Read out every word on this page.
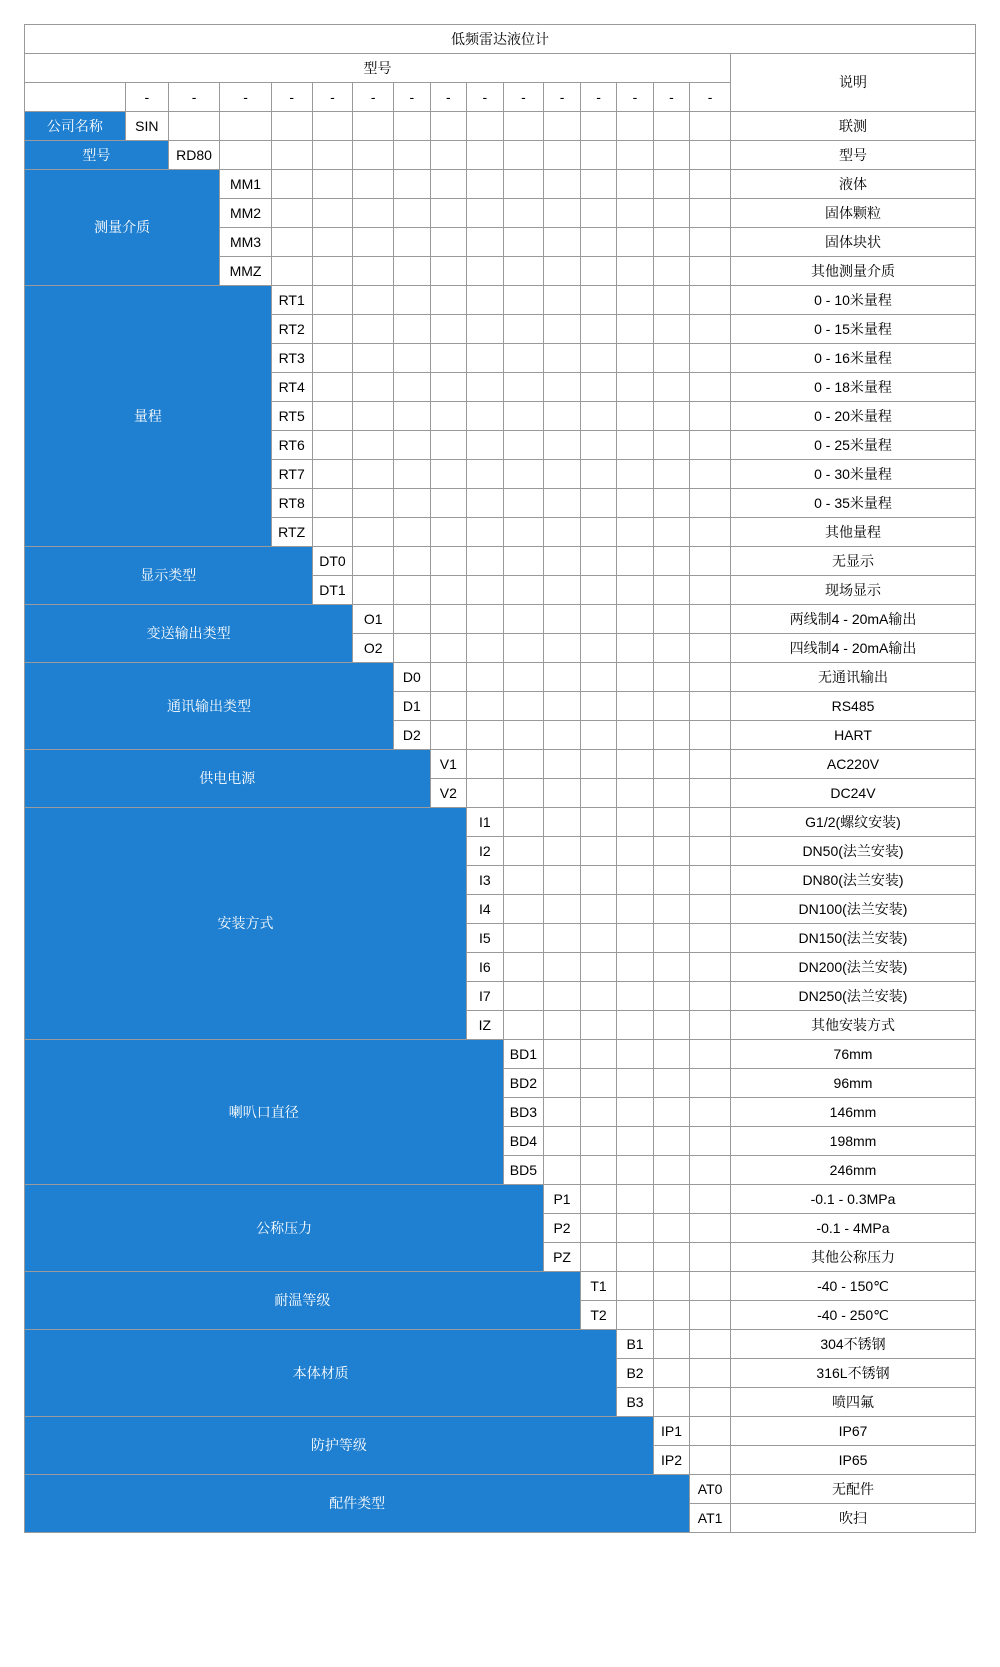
低频雷达液位计																
型号																说明
	-	-	-	-	-	-	-	-	-	-	-	-	-	-	-	
公司名称	SIN															联测
型号		RD80														型号
测量介质			MM1													液体
			MM2													固体颗粒
			MM3													固体块状
			MMZ													其他测量介质
量程				RT1												0 - 10米量程
				RT2												0 - 15米量程
				RT3												0 - 16米量程
				RT4												0 - 18米量程
				RT5												0 - 20米量程
				RT6												0 - 25米量程
				RT7												0 - 30米量程
				RT8												0 - 35米量程
				RTZ												其他量程
显示类型					DT0											无显示
					DT1											现场显示
变送输出类型						O1										两线制4 - 20mA输出
						O2										四线制4 - 20mA输出
通讯输出类型							D0									无通讯输出
							D1									RS485
							D2									HART
供电电源								V1								AC220V
								V2								DC24V
安装方式									I1							G1/2(螺纹安装)
									I2							DN50(法兰安装)
									I3							DN80(法兰安装)
									I4							DN100(法兰安装)
									I5							DN150(法兰安装)
									I6							DN200(法兰安装)
									I7							DN250(法兰安装)
									IZ							其他安装方式
喇叭口直径										BD1						76mm
										BD2						96mm
										BD3						146mm
										BD4						198mm
										BD5						246mm
公称压力											P1					-0.1 - 0.3MPa
											P2					-0.1 - 4MPa
											PZ					其他公称压力
耐温等级												T1				-40 - 150℃
												T2				-40 - 250℃
本体材质													B1			304不锈钢
													B2			316L不锈钢
													B3			喷四氟
防护等级														IP1		IP67
														IP2		IP65
配件类型															AT0	无配件
															AT1	吹扫
